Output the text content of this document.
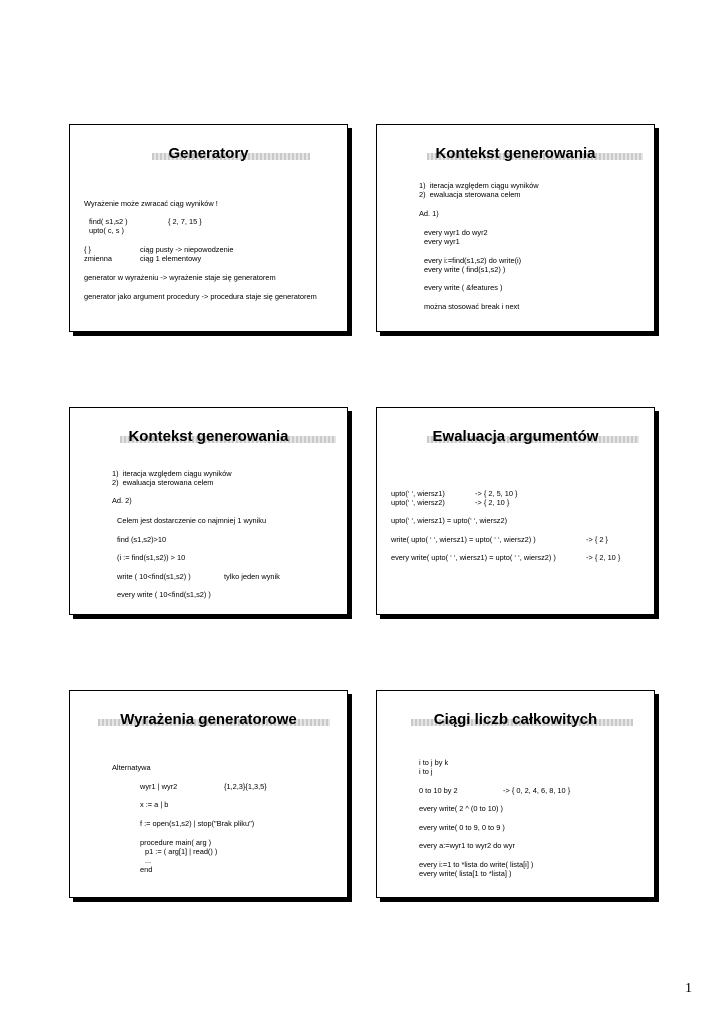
Generatory
Wyrażenie może zwracać ciąg wyników !
find( s1,s2 )	{ 2, 7, 15 }
upto( c, s )
{ }	ciąg pusty -> niepowodzenie
zmienna	ciąg 1 elementowy
generator w wyrażeniu -> wyrażenie staje się generatorem
generator jako argument procedury -> procedura staje się generatorem
Kontekst generowania
1)  iteracja względem ciągu wyników
2)  ewaluacja sterowana celem
Ad. 1)
every wyr1 do wyr2
every wyr1
every i:=find(s1,s2) do write(i)
every write ( find(s1,s2) )
every write ( &features )
można stosować break i next
Kontekst generowania
1)  iteracja względem ciągu wyników
2)  ewaluacja sterowana celem
Ad. 2)
Celem jest dostarczenie co najmniej 1 wyniku
find (s1,s2)>10
(i := find(s1,s2)) > 10
write ( 10<find(s1,s2) )	tylko jeden wynik
every write ( 10<find(s1,s2) )
Ewaluacja argumentów
upto(‘ ‘, wiersz1)	-> { 2, 5, 10 }
upto(‘ ‘, wiersz2)	-> { 2, 10 }
upto(‘ ‘, wiersz1) = upto(‘ ‘, wiersz2)
write( upto( ‘ ‘, wiersz1) = upto( ‘ ‘, wiersz2) )	-> { 2 }
every write( upto( ‘ ‘, wiersz1) = upto( ‘ ‘, wiersz2) )	-> { 2, 10 }
Wyrażenia generatorowe
Alternatywa
wyr1 | wyr2	{1,2,3}{1,3,5}
x := a | b
f := open(s1,s2) | stop("Brak pliku")
procedure main( arg )
p1 := ( arg[1] | read() )
...
end
Ciągi liczb całkowitych
i to j by k
i to j
0 to 10 by 2	-> { 0, 2, 4, 6, 8, 10 }
every write( 2 ^ (0 to 10) )
every write( 0 to 9, 0 to 9 )
every a:=wyr1 to wyr2 do wyr
every i:=1 to *lista do write( lista[i] )
every write( lista[1 to *lista] )
1
